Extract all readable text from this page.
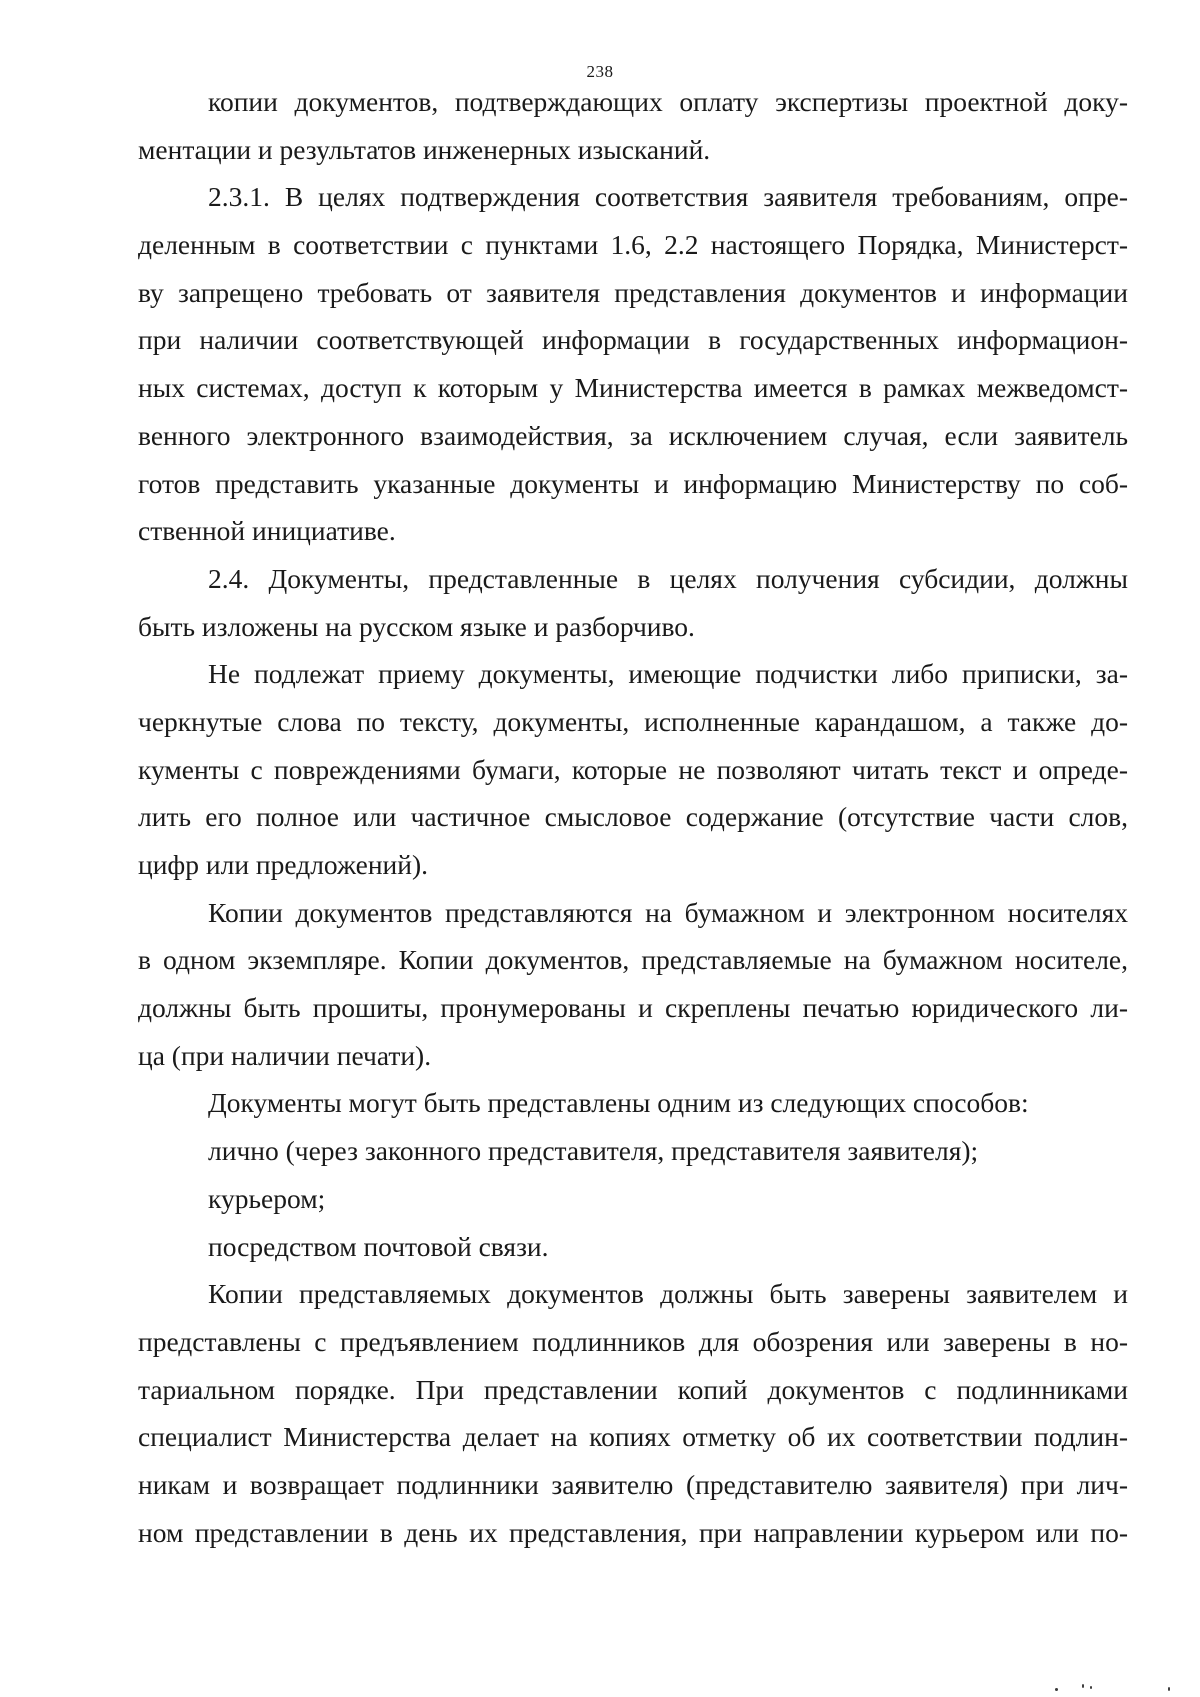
238
копии документов, подтверждающих оплату экспертизы проектной доку-
ментации и результатов инженерных изысканий.
2.3.1. В целях подтверждения соответствия заявителя требованиям, опре-
деленным в соответствии с пунктами 1.6, 2.2 настоящего Порядка, Министерст-
ву запрещено требовать от заявителя представления документов и информации
при наличии соответствующей информации в государственных информацион-
ных системах, доступ к которым у Министерства имеется в рамках межведомст-
венного электронного взаимодействия, за исключением случая, если заявитель
готов представить указанные документы и информацию Министерству по соб-
ственной инициативе.
2.4. Документы, представленные в целях получения субсидии, должны
быть изложены на русском языке и разборчиво.
Не подлежат приему документы, имеющие подчистки либо приписки, за-
черкнутые слова по тексту, документы, исполненные карандашом, а также до-
кументы с повреждениями бумаги, которые не позволяют читать текст и опреде-
лить его полное или частичное смысловое содержание (отсутствие части слов,
цифр или предложений).
Копии документов представляются на бумажном и электронном носителях
в одном экземпляре. Копии документов, представляемые на бумажном носителе,
должны быть прошиты, пронумерованы и скреплены печатью юридического ли-
ца (при наличии печати).
Документы могут быть представлены одним из следующих способов:
лично (через законного представителя, представителя заявителя);
курьером;
посредством почтовой связи.
Копии представляемых документов должны быть заверены заявителем и
представлены с предъявлением подлинников для обозрения или заверены в но-
тариальном порядке. При представлении копий документов с подлинниками
специалист Министерства делает на копиях отметку об их соответствии подлин-
никам и возвращает подлинники заявителю (представителю заявителя) при лич-
ном представлении в день их представления, при направлении курьером или по-
